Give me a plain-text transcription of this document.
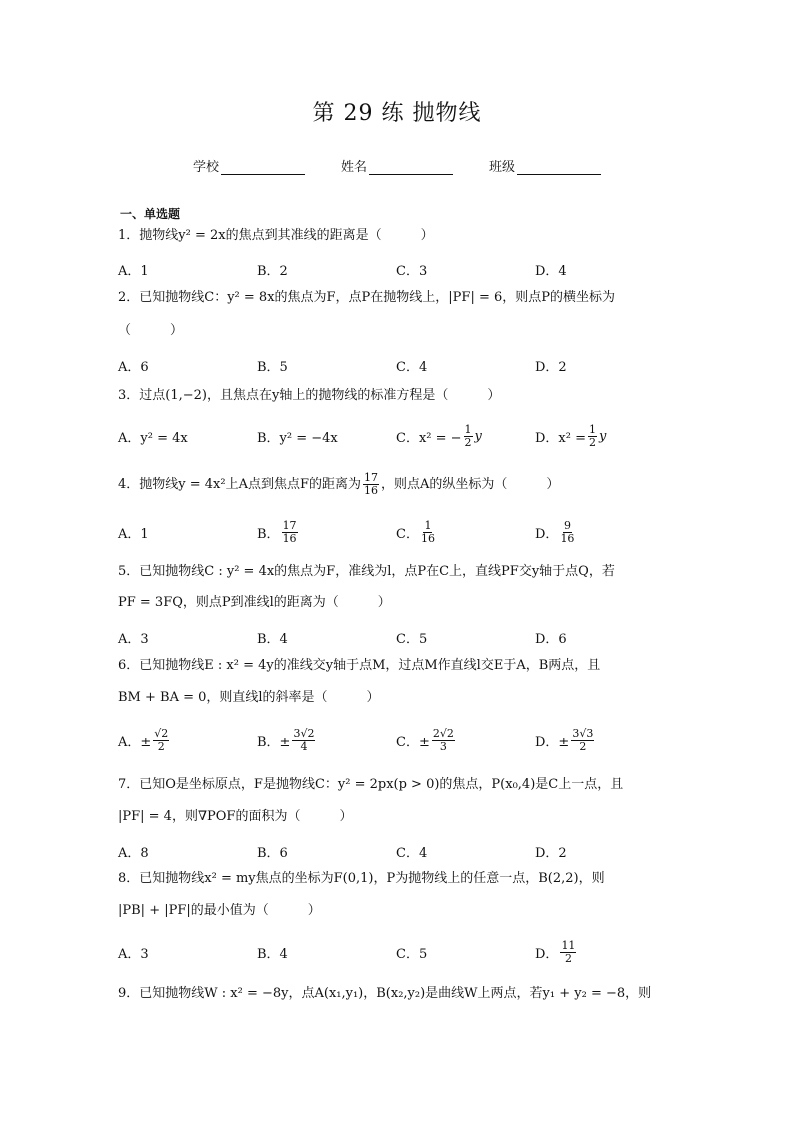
第 29 练 抛物线
学校	姓名	班级
一、单选题
1．抛物线y² = 2x的焦点到其准线的距离是（　　　）
A．1	B．2	C．3	D．4
2．已知抛物线C：y² = 8x的焦点为F，点P在抛物线上，|PF| = 6，则点P的横坐标为
（　　　）
A．6	B．5	C．4	D．2
3．过点(1,−2)，且焦点在y轴上的抛物线的标准方程是（　　　）
A．y² = 4x	B．y² = −4x	C．x² = − $\frac{1}{2}$ y	D．$x^2 = \frac{1}{2}$ y
4．抛物线y = 4x²上A点到焦点F的距离为 $\frac{17}{16}$ ，则点A的纵坐标为（　　　）
A．1	B． $\frac{17}{16}$	C． $\frac{1}{16}$	D． $\frac{9}{16}$
5．已知抛物线C : y² = 4x的焦点为F，准线为l，点P在C上，直线PF交y轴于点Q，若
PF = 3FQ，则点P到准线l的距离为（　　　）
A．3	B．4	C．5	D．6
6．已知抛物线E : x² = 4y的准线交y轴于点M，过点M作直线l交E于A，B两点，且
BM + BA = 0，则直线l的斜率是（　　　）
A．± $\frac{√2}{2}$	B．± $\frac{3√2}{4}$	C．± $\frac{2√2}{3}$	D．± $\frac{3√3}{2}$
7．已知O是坐标原点，F是抛物线C：y² = 2px(p > 0)的焦点，P(x₀,4)是C上一点，且
|PF| = 4，则∇POF的面积为（　　　）
A．8	B．6	C．4	D．2
8．已知抛物线x² = my焦点的坐标为F(0,1)，P为抛物线上的任意一点，B(2,2)，则
|PB| + |PF|的最小值为（　　　）
A．3	B．4	C．5	D． $\frac{11}{2}$
9．已知抛物线W : x² = −8y，点A(x₁,y₁)，B(x₂,y₂)是曲线W上两点，若y₁ + y₂ = −8，则
